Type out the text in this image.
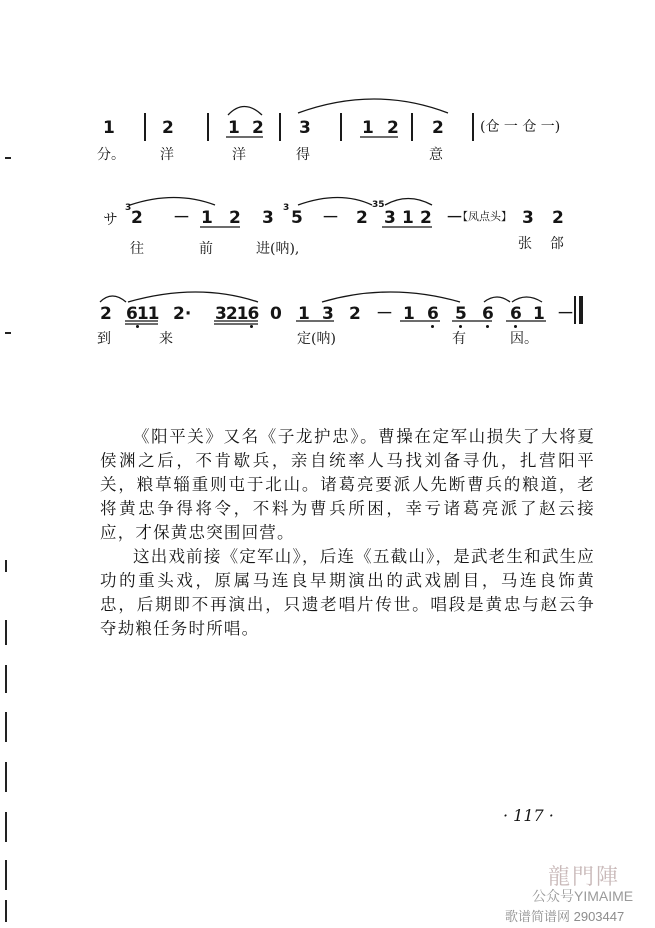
1	2	1 2 3	1 2 2	(仓 一 仓 一)
分。	洋	洋	得	意
サ
3 2 － 1 2 3 3 5 － 2
35
3 1 2 －
【凤点头】 3 2
往	前	进(呐),	张 郃
2 611 2· 3216 0 1 3 2 － 1 6 5 6 6 1 －
到	来	定(呐)	有	因。

《阳平关》又名《子龙护忠》。曹操在定军山损失了大将夏侯渊之后，不肯歇兵，亲自统率人马找刘备寻仇，扎营阳平关，粮草辎重则屯于北山。诸葛亮要派人先断曹兵的粮道，老将黄忠争得将令，不料为曹兵所困，幸亏诸葛亮派了赵云接应，才保黄忠突围回营。

这出戏前接《定军山》，后连《五截山》，是武老生和武生应功的重头戏，原属马连良早期演出的武戏剧目，马连良饰黄忠，后期即不再演出，只遗老唱片传世。唱段是黄忠与赵云争夺劫粮任务时所唱。

· 117 ·
龍門陣
公众号YIMAIME
歌谱简谱网 2903447
